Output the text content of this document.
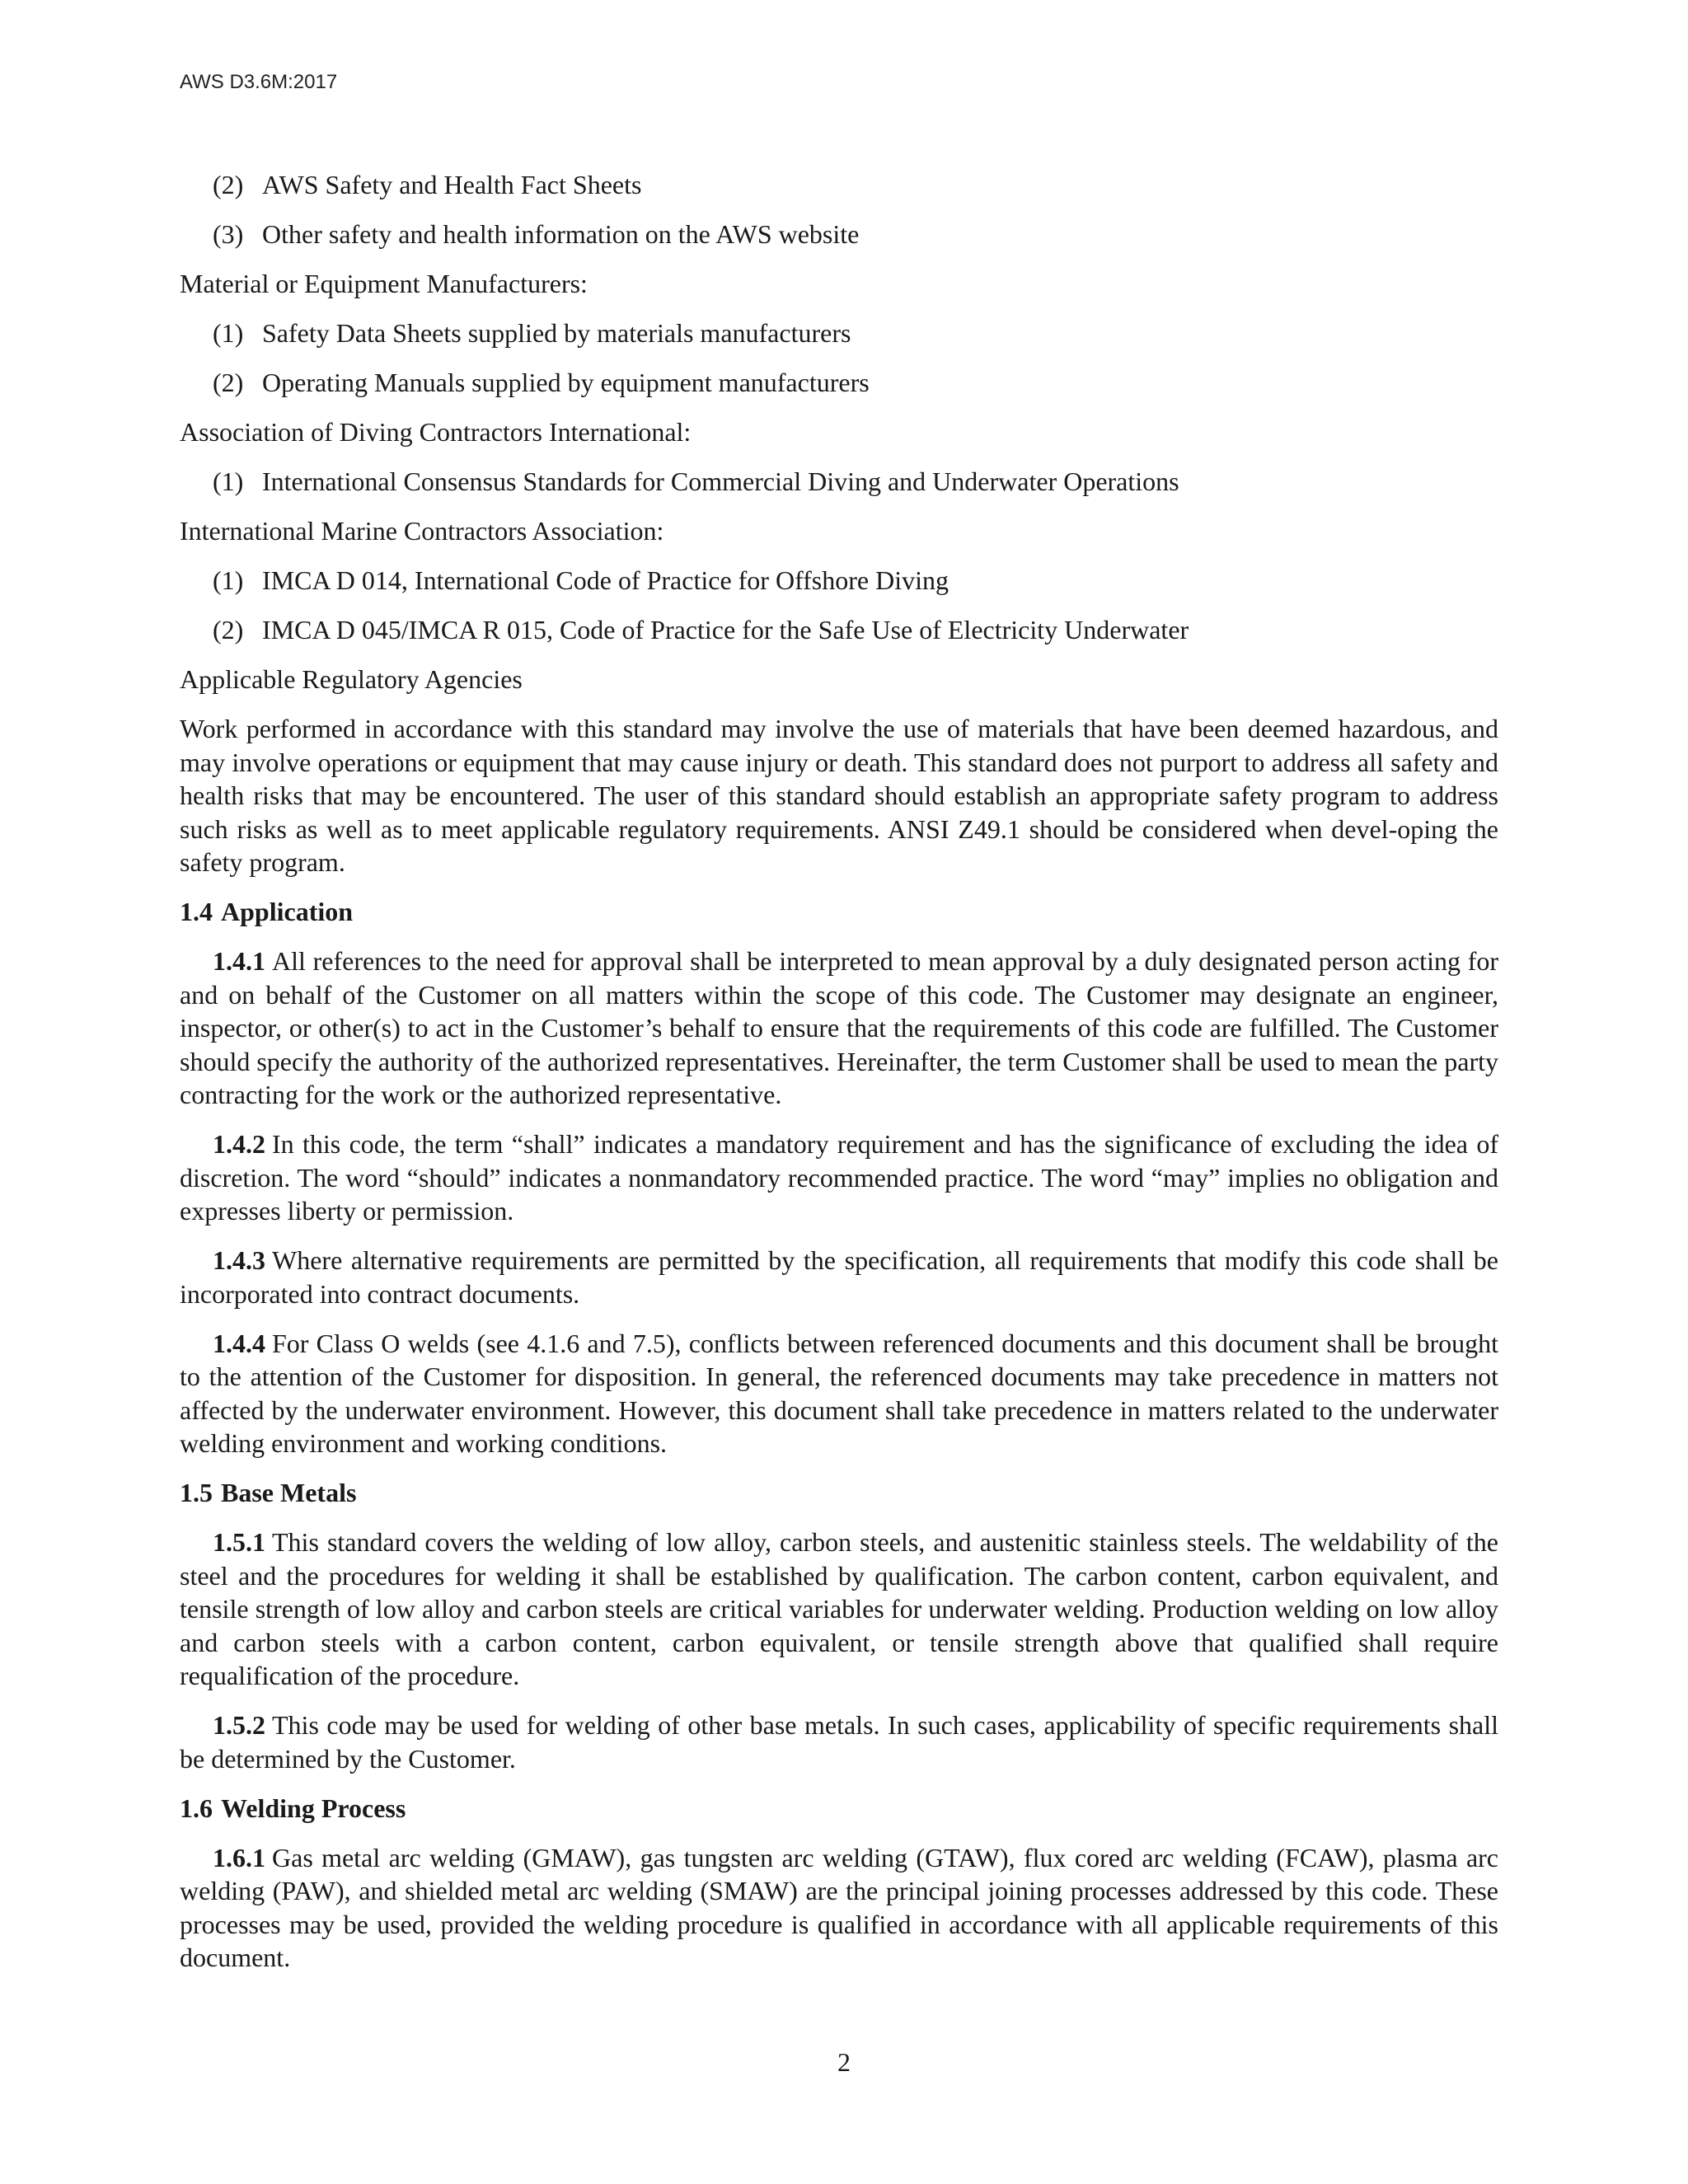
AWS D3.6M:2017

(2) AWS Safety and Health Fact Sheets
(3) Other safety and health information on the AWS website
Material or Equipment Manufacturers:
(1) Safety Data Sheets supplied by materials manufacturers
(2) Operating Manuals supplied by equipment manufacturers
Association of Diving Contractors International:
(1) International Consensus Standards for Commercial Diving and Underwater Operations
International Marine Contractors Association:
(1) IMCA D 014, International Code of Practice for Offshore Diving
(2) IMCA D 045/IMCA R 015, Code of Practice for the Safe Use of Electricity Underwater
Applicable Regulatory Agencies

Work performed in accordance with this standard may involve the use of materials that have been deemed hazardous, and may involve operations or equipment that may cause injury or death. This standard does not purport to address all safety and health risks that may be encountered. The user of this standard should establish an appropriate safety program to address such risks as well as to meet applicable regulatory requirements. ANSI Z49.1 should be considered when devel-oping the safety program.

1.4 Application

1.4.1 All references to the need for approval shall be interpreted to mean approval by a duly designated person acting for and on behalf of the Customer on all matters within the scope of this code. The Customer may designate an engineer, inspector, or other(s) to act in the Customer’s behalf to ensure that the requirements of this code are fulfilled. The Customer should specify the authority of the authorized representatives. Hereinafter, the term Customer shall be used to mean the party contracting for the work or the authorized representative.

1.4.2 In this code, the term “shall” indicates a mandatory requirement and has the significance of excluding the idea of discretion. The word “should” indicates a nonmandatory recommended practice. The word “may” implies no obligation and expresses liberty or permission.

1.4.3 Where alternative requirements are permitted by the specification, all requirements that modify this code shall be incorporated into contract documents.

1.4.4 For Class O welds (see 4.1.6 and 7.5), conflicts between referenced documents and this document shall be brought to the attention of the Customer for disposition. In general, the referenced documents may take precedence in matters not affected by the underwater environment. However, this document shall take precedence in matters related to the underwater welding environment and working conditions.

1.5 Base Metals

1.5.1 This standard covers the welding of low alloy, carbon steels, and austenitic stainless steels. The weldability of the steel and the procedures for welding it shall be established by qualification. The carbon content, carbon equivalent, and tensile strength of low alloy and carbon steels are critical variables for underwater welding. Production welding on low alloy and carbon steels with a carbon content, carbon equivalent, or tensile strength above that qualified shall require requalification of the procedure.

1.5.2 This code may be used for welding of other base metals. In such cases, applicability of specific requirements shall be determined by the Customer.

1.6 Welding Process

1.6.1 Gas metal arc welding (GMAW), gas tungsten arc welding (GTAW), flux cored arc welding (FCAW), plasma arc welding (PAW), and shielded metal arc welding (SMAW) are the principal joining processes addressed by this code. These processes may be used, provided the welding procedure is qualified in accordance with all applicable requirements of this document.

2
